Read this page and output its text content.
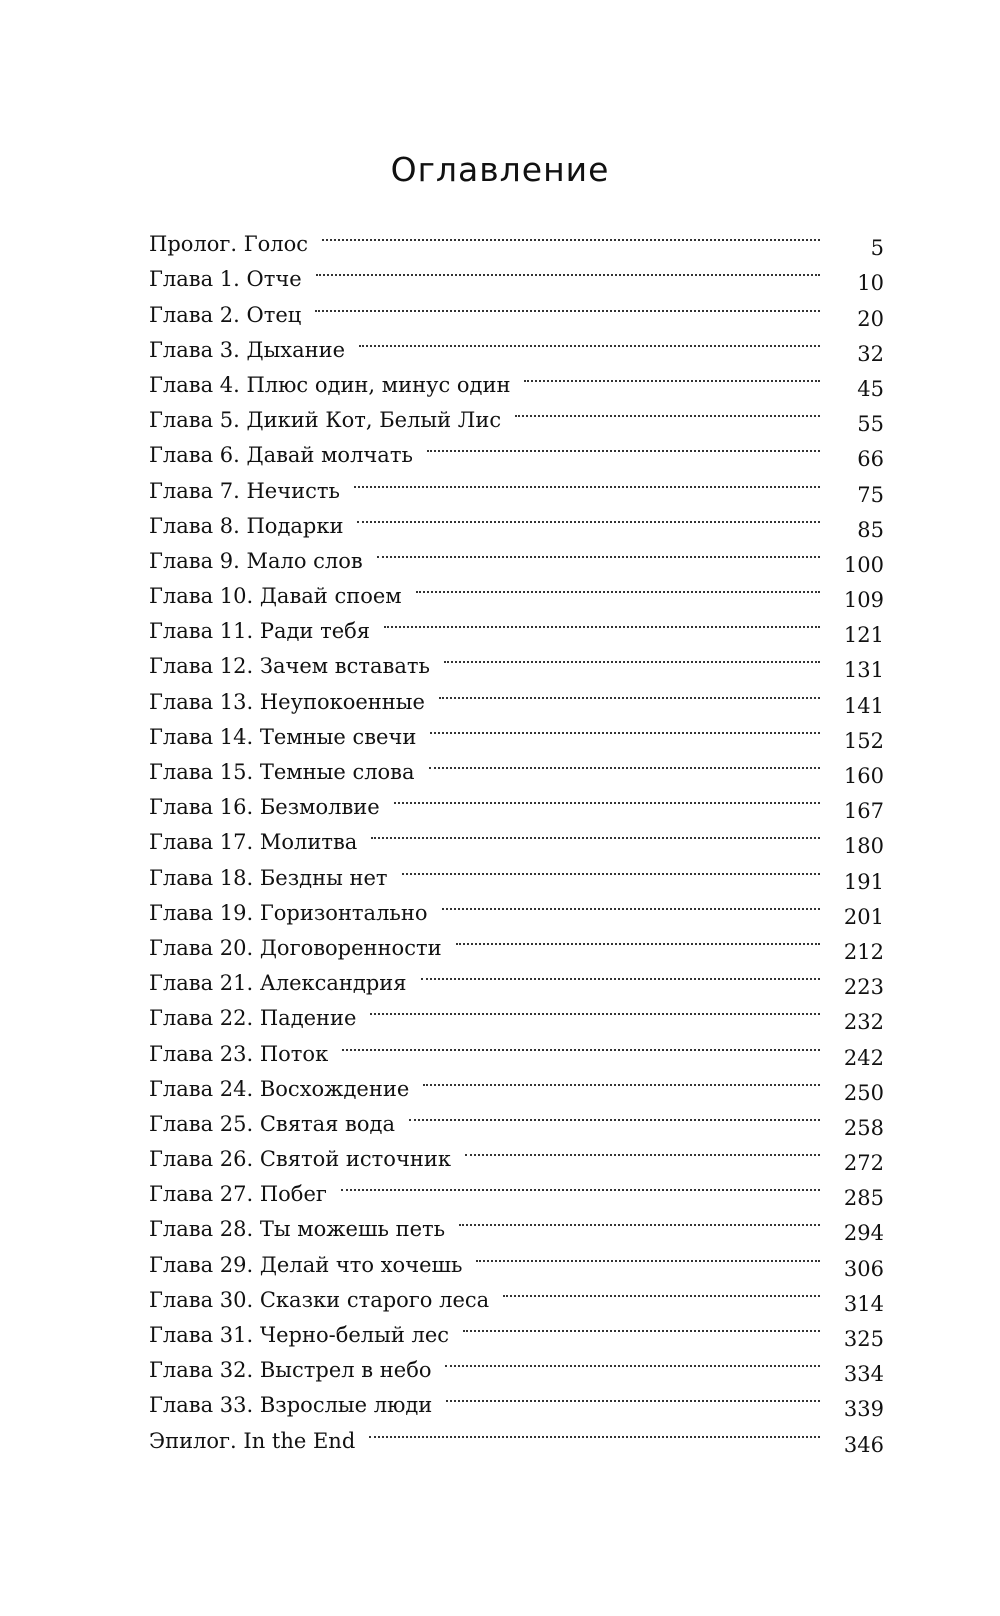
Оглавление
Пролог. Голос	5
Глава 1. Отче	10
Глава 2. Отец	20
Глава 3. Дыхание	32
Глава 4. Плюс один, минус один	45
Глава 5. Дикий Кот, Белый Лис	55
Глава 6. Давай молчать	66
Глава 7. Нечисть	75
Глава 8. Подарки	85
Глава 9. Мало слов	100
Глава 10. Давай споем	109
Глава 11. Ради тебя	121
Глава 12. Зачем вставать	131
Глава 13. Неупокоенные	141
Глава 14. Темные свечи	152
Глава 15. Темные слова	160
Глава 16. Безмолвие	167
Глава 17. Молитва	180
Глава 18. Бездны нет	191
Глава 19. Горизонтально	201
Глава 20. Договоренности	212
Глава 21. Александрия	223
Глава 22. Падение	232
Глава 23. Поток	242
Глава 24. Восхождение	250
Глава 25. Святая вода	258
Глава 26. Святой источник	272
Глава 27. Побег	285
Глава 28. Ты можешь петь	294
Глава 29. Делай что хочешь	306
Глава 30. Сказки старого леса	314
Глава 31. Черно-белый лес	325
Глава 32. Выстрел в небо	334
Глава 33. Взрослые люди	339
Эпилог. In the End	346
